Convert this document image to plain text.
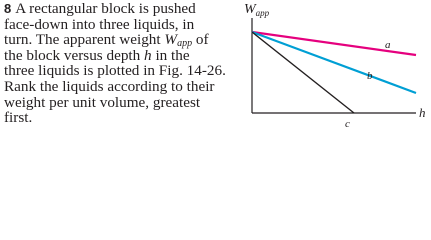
8 A rectangular block is pushed
face-down into three liquids, in
turn. The apparent weight $W_{app}$ of
the block versus depth h in the
three liquids is plotted in Fig. 14-26.
Rank the liquids according to their
weight per unit volume, greatest
first.
$W_{app}$
h
a
b
c
